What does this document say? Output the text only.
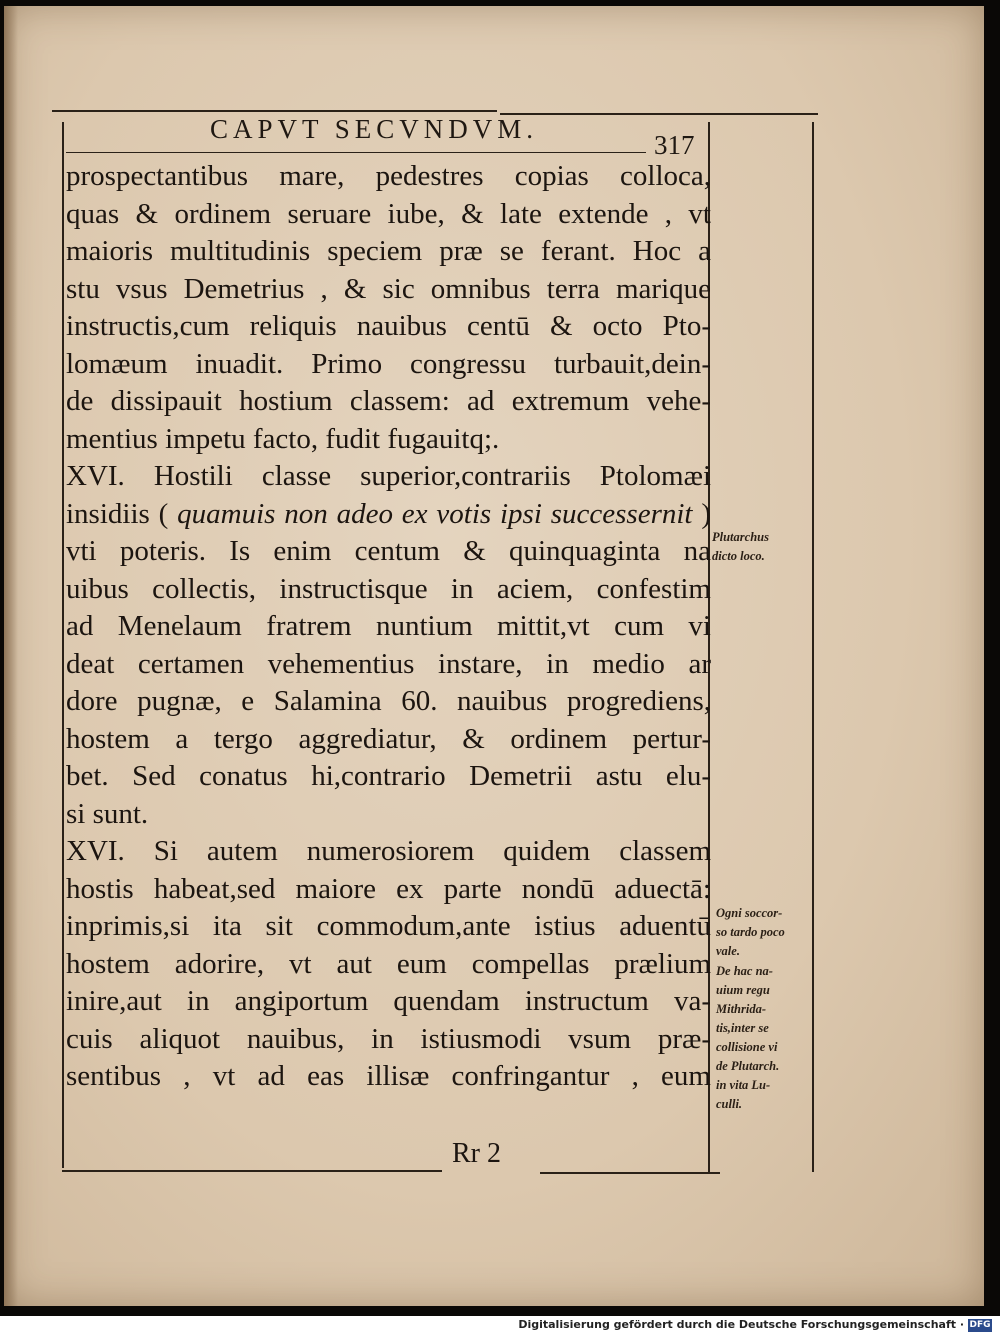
CAPVT SECVNDVM.
317
prospectantibus mare, pedestres copias colloca,
quas & ordinem seruare iube, & late extende , vt
maioris multitudinis speciem præ se ferant. Hoc a
stu vsus Demetrius , & sic omnibus terra marique
instructis,cum reliquis nauibus centū & octo Pto-
lomæum inuadit. Primo congressu turbauit,dein-
de dissipauit hostium classem: ad extremum vehe-
mentius impetu facto, fudit fugauitq;.
XVI. Hostili classe superior,contrariis Ptolomæi
insidiis ( quamuis non adeo ex votis ipsi successernit )
vti poteris. Is enim centum & quinquaginta na
uibus collectis, instructisque in aciem, confestim
ad Menelaum fratrem nuntium mittit,vt cum vi
deat certamen vehementius instare, in medio ar
dore pugnæ, e Salamina 60. nauibus progrediens,
hostem a tergo aggrediatur, & ordinem pertur-
bet. Sed conatus hi,contrario Demetrii astu elu-
si sunt.
XVI. Si autem numerosiorem quidem classem
hostis habeat,sed maiore ex parte nondū aduectā:
inprimis,si ita sit commodum,ante istius aduentū
hostem adorire, vt aut eum compellas prælium
inire,aut in angiportum quendam instructum va-
cuis aliquot nauibus, in istiusmodi vsum præ-
sentibus , vt ad eas illisæ confringantur , eum
Rr 2
Plutarchus
dicto loco.
Ogni soccor-
so tardo poco
vale.
De hac na-
uium regu
Mithrida-
tis,inter se
collisione vi
de Plutarch.
in vita Lu-
culli.
Digitalisierung gefördert durch die Deutsche Forschungsgemeinschaft · DFG
